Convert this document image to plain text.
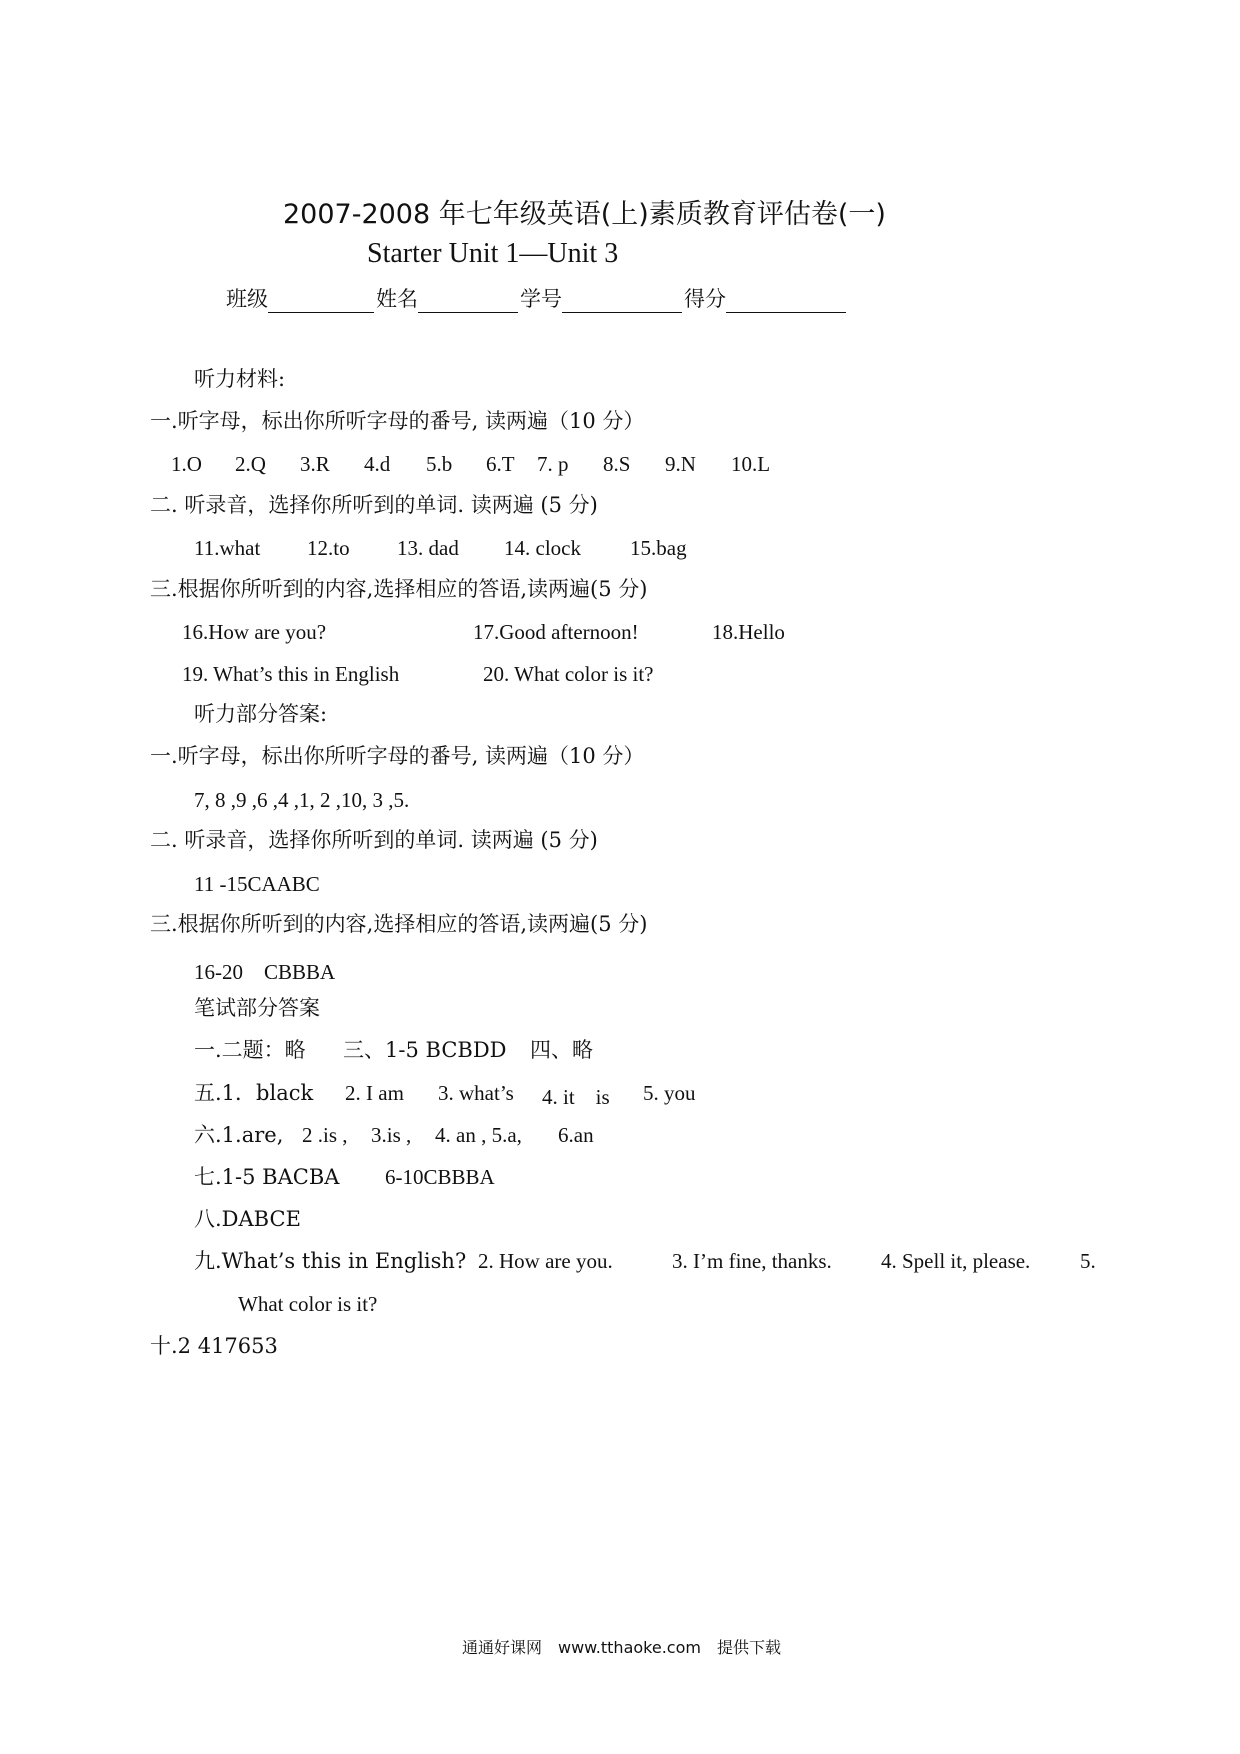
2007-2008 年七年级英语(上)素质教育评估卷(一)
Starter Unit 1—Unit 3
班级	姓名	学号	得分
听力材料:
一.听字母，标出你所听字母的番号, 读两遍（10 分）
1.O 2.Q 3.R 4.d 5.b 6.T 7. p 8.S 9.N 10.L
二. 听录音，选择你所听到的单词. 读两遍 (5 分)
11.what 12.to 13. dad 14. clock 15.bag
三.根据你所听到的内容,选择相应的答语,读两遍(5 分)
16.How are you?	17.Good afternoon!	18.Hello
19. What’s this in English	20. What color is it?
听力部分答案:
一.听字母，标出你所听字母的番号, 读两遍（10 分）
7, 8 ,9 ,6 ,4 ,1, 2 ,10, 3 ,5.
二. 听录音，选择你所听到的单词. 读两遍 (5 分)
11 -15CAABC
三.根据你所听到的内容,选择相应的答语,读两遍(5 分)
16-20　CBBBA
笔试部分答案
一.二题：略 三、1-5 BCBDD 四、略
五.1．black 2. I am 3. what’s 4. it　is 5. you
六.1.are, 2 .is , 3.is , 4. an , 5.a, 6.an
七.1-5 BACBA 6-10CBBBA
八.DABCE
九.What’s this in English? 2. How are you.	3. I’m fine, thanks. 4. Spell it, please. 5.
What color is it?
十.2 417653
通通好课网　www.tthaoke.com　提供下载
